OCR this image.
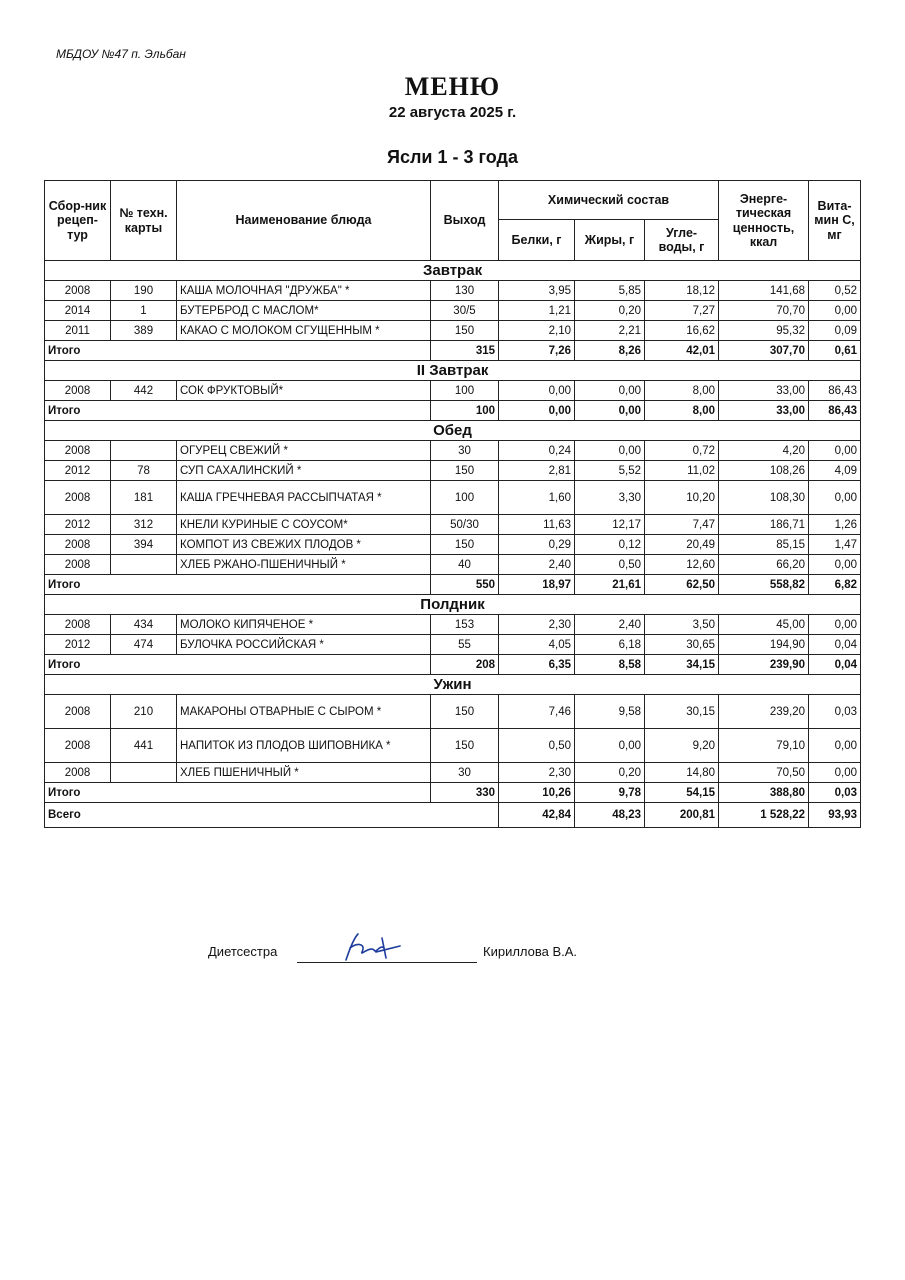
МБДОУ №47 п. Эльбан
МЕНЮ
22 августа 2025 г.
Ясли 1 - 3 года
Сбор-ник рецеп-тур	№ техн. карты	Наименование блюда	Выход	Химический состав			Энерге-тическая ценность, ккал	Вита-мин С, мг
				Белки, г	Жиры, г	Угле-воды, г		
Завтрак								
2008	190	КАША МОЛОЧНАЯ "ДРУЖБА" *	130	3,95	5,85	18,12	141,68	0,52
2014	1	БУТЕРБРОД С МАСЛОМ*	30/5	1,21	0,20	7,27	70,70	0,00
2011	389	КАКАО С МОЛОКОМ СГУЩЕННЫМ *	150	2,10	2,21	16,62	95,32	0,09
Итого			315	7,26	8,26	42,01	307,70	0,61
II Завтрак								
2008	442	СОК ФРУКТОВЫЙ*	100	0,00	0,00	8,00	33,00	86,43
Итого			100	0,00	0,00	8,00	33,00	86,43
Обед								
2008		ОГУРЕЦ СВЕЖИЙ *	30	0,24	0,00	0,72	4,20	0,00
2012	78	СУП САХАЛИНСКИЙ *	150	2,81	5,52	11,02	108,26	4,09
2008	181	КАША ГРЕЧНЕВАЯ РАССЫПЧАТАЯ *	100	1,60	3,30	10,20	108,30	0,00
2012	312	КНЕЛИ КУРИНЫЕ С СОУСОМ*	50/30	11,63	12,17	7,47	186,71	1,26
2008	394	КОМПОТ ИЗ СВЕЖИХ ПЛОДОВ *	150	0,29	0,12	20,49	85,15	1,47
2008		ХЛЕБ РЖАНО-ПШЕНИЧНЫЙ *	40	2,40	0,50	12,60	66,20	0,00
Итого			550	18,97	21,61	62,50	558,82	6,82
Полдник								
2008	434	МОЛОКО КИПЯЧЕНОЕ *	153	2,30	2,40	3,50	45,00	0,00
2012	474	БУЛОЧКА РОССИЙСКАЯ *	55	4,05	6,18	30,65	194,90	0,04
Итого			208	6,35	8,58	34,15	239,90	0,04
Ужин								
2008	210	МАКАРОНЫ ОТВАРНЫЕ С СЫРОМ *	150	7,46	9,58	30,15	239,20	0,03
2008	441	НАПИТОК ИЗ ПЛОДОВ ШИПОВНИКА *	150	0,50	0,00	9,20	79,10	0,00
2008		ХЛЕБ ПШЕНИЧНЫЙ *	30	2,30	0,20	14,80	70,50	0,00
Итого			330	10,26	9,78	54,15	388,80	0,03
Всего				42,84	48,23	200,81	1 528,22	93,93
Диетсестра	Кириллова В.А.
